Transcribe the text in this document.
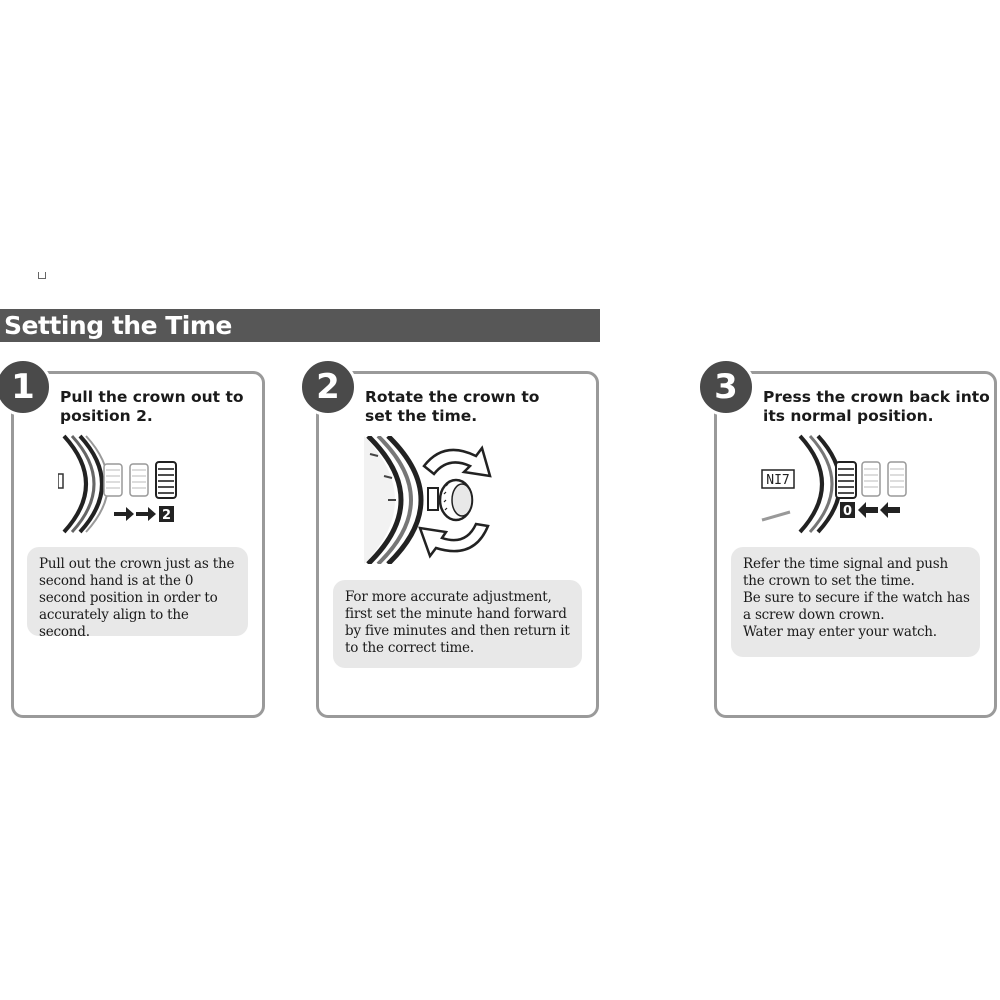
Setting the Time
1	Pull the crown out to
position 2.
2

Pull out the crown just as the second hand is at the 0 second position in order to accurately align to the second.

2	Rotate the crown to
set the time.

For more accurate adjustment, first set the minute hand forward by five minutes and then return it to the correct time.

3	Press the crown back into
its normal position.
NI7
0

Refer the time signal and push the crown to set the time.

Be sure to secure if the watch has a screw down crown.

Water may enter your watch.
